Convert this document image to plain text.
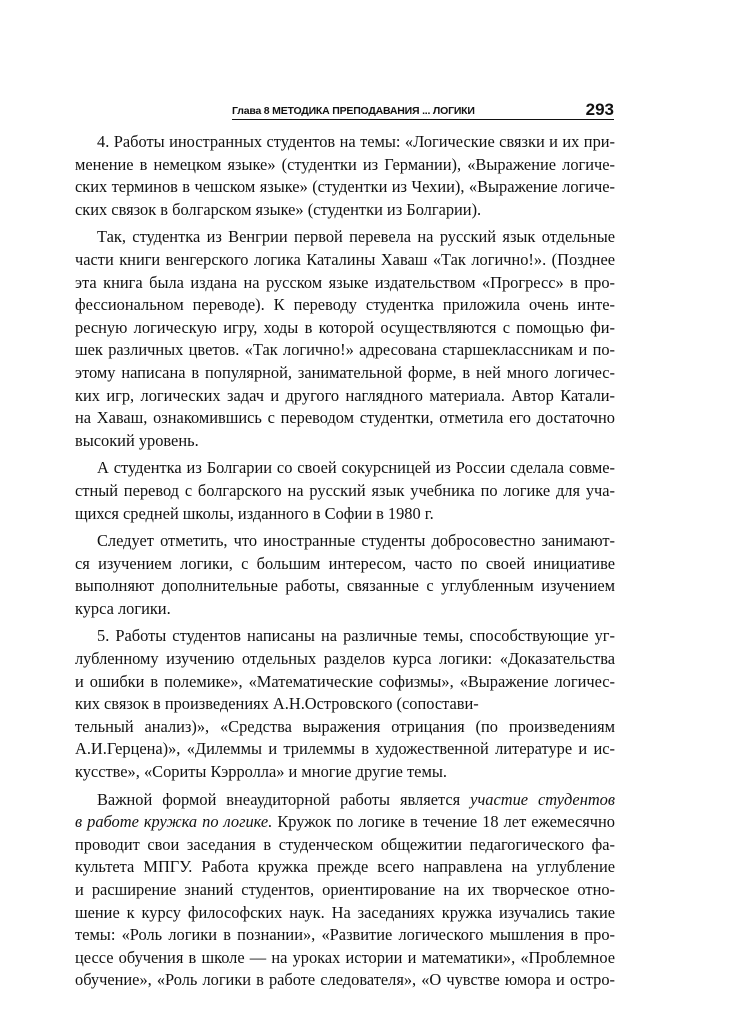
Глава 8 МЕТОДИКА ПРЕПОДАВАНИЯ ... ЛОГИКИ	293
4. Работы иностранных студентов на темы: «Логические связки и их при-
менение в немецком языке» (студентки из Германии), «Выражение логиче-
ских терминов в чешском языке» (студентки из Чехии), «Выражение логиче-
ских связок в болгарском языке» (студентки из Болгарии).
Так, студентка из Венгрии первой перевела на русский язык отдельные
части книги венгерского логика Каталины Хаваш «Так логично!». (Позднее
эта книга была издана на русском языке издательством «Прогресс» в про-
фессиональном переводе). К переводу студентка приложила очень инте-
ресную логическую игру, ходы в которой осуществляются с помощью фи-
шек различных цветов. «Так логично!» адресована старшеклассникам и по-
этому написана в популярной, занимательной форме, в ней много логичес-
ких игр, логических задач и другого наглядного материала. Автор Катали-
на Хаваш, ознакомившись с переводом студентки, отметила его достаточно
высокий уровень.
А студентка из Болгарии со своей сокурсницей из России сделала совме-
стный перевод с болгарского на русский язык учебника по логике для уча-
щихся средней школы, изданного в Софии в 1980 г.
Следует отметить, что иностранные студенты добросовестно занимают-
ся изучением логики, с большим интересом, часто по своей инициативе
выполняют дополнительные работы, связанные с углубленным изучением
курса логики.
5. Работы студентов написаны на различные темы, способствующие уг-
лубленному изучению отдельных разделов курса логики: «Доказательства
и ошибки в полемике», «Математические софизмы», «Выражение логичес-
ких связок в произведениях А.Н.Островского (сопостави-
тельный анализ)», «Средства выражения отрицания (по произведениям
А.И.Герцена)», «Дилеммы и трилеммы в художественной литературе и ис-
кусстве», «Сориты Кэрролла» и многие другие темы.
Важной формой внеаудиторной работы является участие студентов
в работе кружка по логике. Кружок по логике в течение 18 лет ежемесячно
проводит свои заседания в студенческом общежитии педагогического фа-
культета МПГУ. Работа кружка прежде всего направлена на углубление
и расширение знаний студентов, ориентирование на их творческое отно-
шение к курсу философских наук. На заседаниях кружка изучались такие
темы: «Роль логики в познании», «Развитие логического мышления в про-
цессе обучения в школе — на уроках истории и математики», «Проблемное
обучение», «Роль логики в работе следователя», «О чувстве юмора и остро-
